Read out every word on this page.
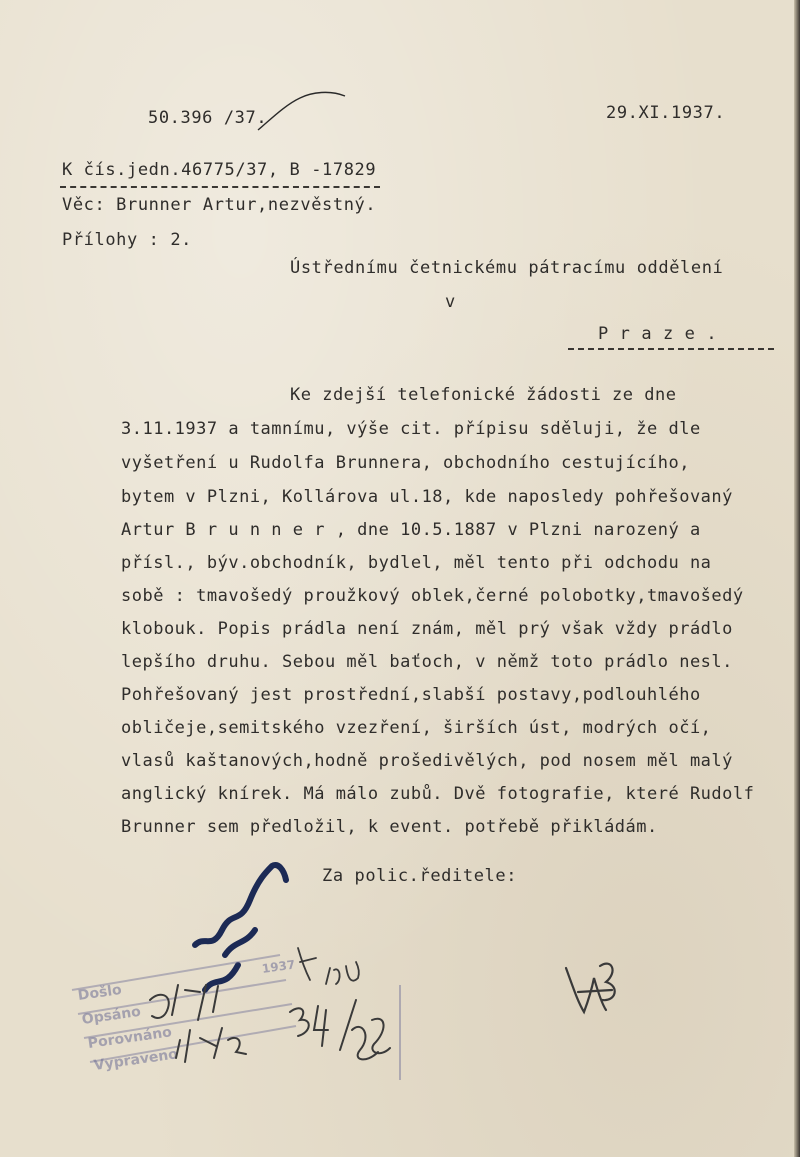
50.396 /37.	29.XI.1937.
K čís.jedn.46775/37, B -17829
Věc: Brunner Artur,nezvěstný.
Přílohy : 2.
Ústřednímu četnickému pátracímu oddělení
v
P r a z e .
Ke zdejší telefonické žádosti ze dne
3.11.1937 a tamnímu, výše cit. přípisu sděluji, že dle
vyšetření u Rudolfa Brunnera, obchodního cestujícího,
bytem v Plzni, Kollárova ul.18, kde naposledy pohřešovaný
Artur B r u n n e r , dne 10.5.1887 v Plzni narozený a
přísl., býv.obchodník, bydlel, měl tento při odchodu na
sobě : tmavošedý proužkový oblek,černé polobotky,tmavošedý
klobouk. Popis prádla není znám, měl prý však vždy prádlo
lepšího druhu. Sebou měl baťoch, v němž toto prádlo nesl.
Pohřešovaný jest prostřední,slabší postavy,podlouhlého
obličeje,semitského vzezření, širších úst, modrých očí,
vlasů kaštanových,hodně prošedivělých, pod nosem měl malý
anglický knírek. Má málo zubů. Dvě fotografie, které Rudolf
Brunner sem předložil, k event. potřebě přikládám.
Za polic.ředitele:
Došlo
Opsáno
Porovnáno
Vypraveno
1937
